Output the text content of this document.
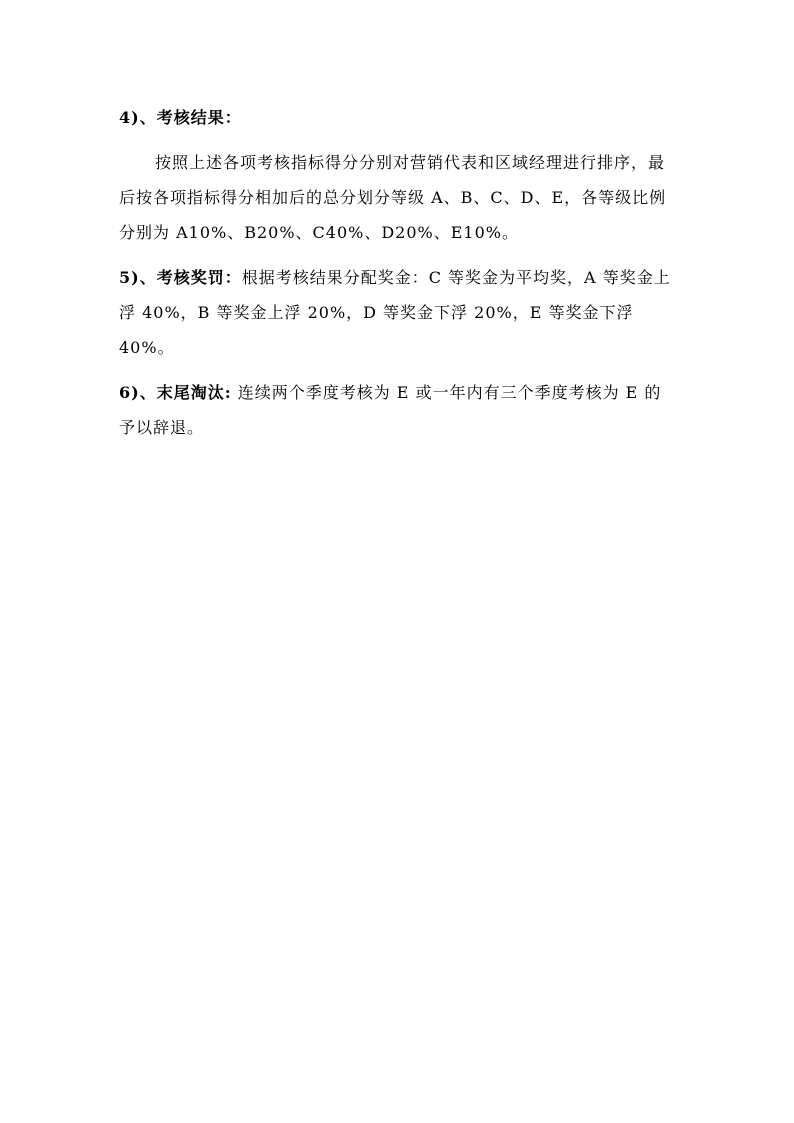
4)、考核结果：

按照上述各项考核指标得分分别对营销代表和区域经理进行排序，最后按各项指标得分相加后的总分划分等级 A、B、C、D、E，各等级比例分别为 A10%、B20%、C40%、D20%、E10%。

5)、考核奖罚：根据考核结果分配奖金：C 等奖金为平均奖，A 等奖金上浮 40%，B 等奖金上浮 20%，D 等奖金下浮 20%，E 等奖金下浮 40%。

6)、末尾淘汰: 连续两个季度考核为 E 或一年内有三个季度考核为 E 的予以辞退。
